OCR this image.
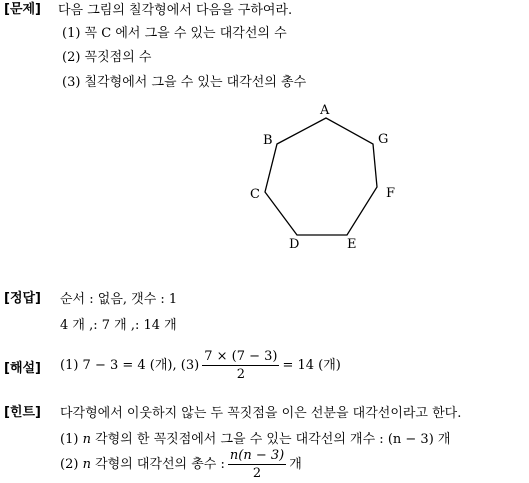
[문제] 다음 그림의 칠각형에서 다음을 구하여라.
(1) 꼭 C 에서 그을 수 있는 대각선의 수
(2) 꼭짓점의 수
(3) 칠각형에서 그을 수 있는 대각선의 총수
A
B
C
D	E
F
G
[정답] 순서 : 없음, 갯수 : 1
4 개 ,: 7 개 ,: 14 개
[해설] (1) 7 − 3 = 4 (개), $(3) \frac{7 \times (7 - 3)}{2} = 14$ (개)
[힌트] 다각형에서 이웃하지 않는 두 꼭짓점을 이은 선분을 대각선이라고 한다.
(1) n 각형의 한 꼭짓점에서 그을 수 있는 대각선의 개수 : (n − 3) 개
(2) n 각형의 대각선의 총수 : $\frac{n(n - 3)}{2}$ 개
